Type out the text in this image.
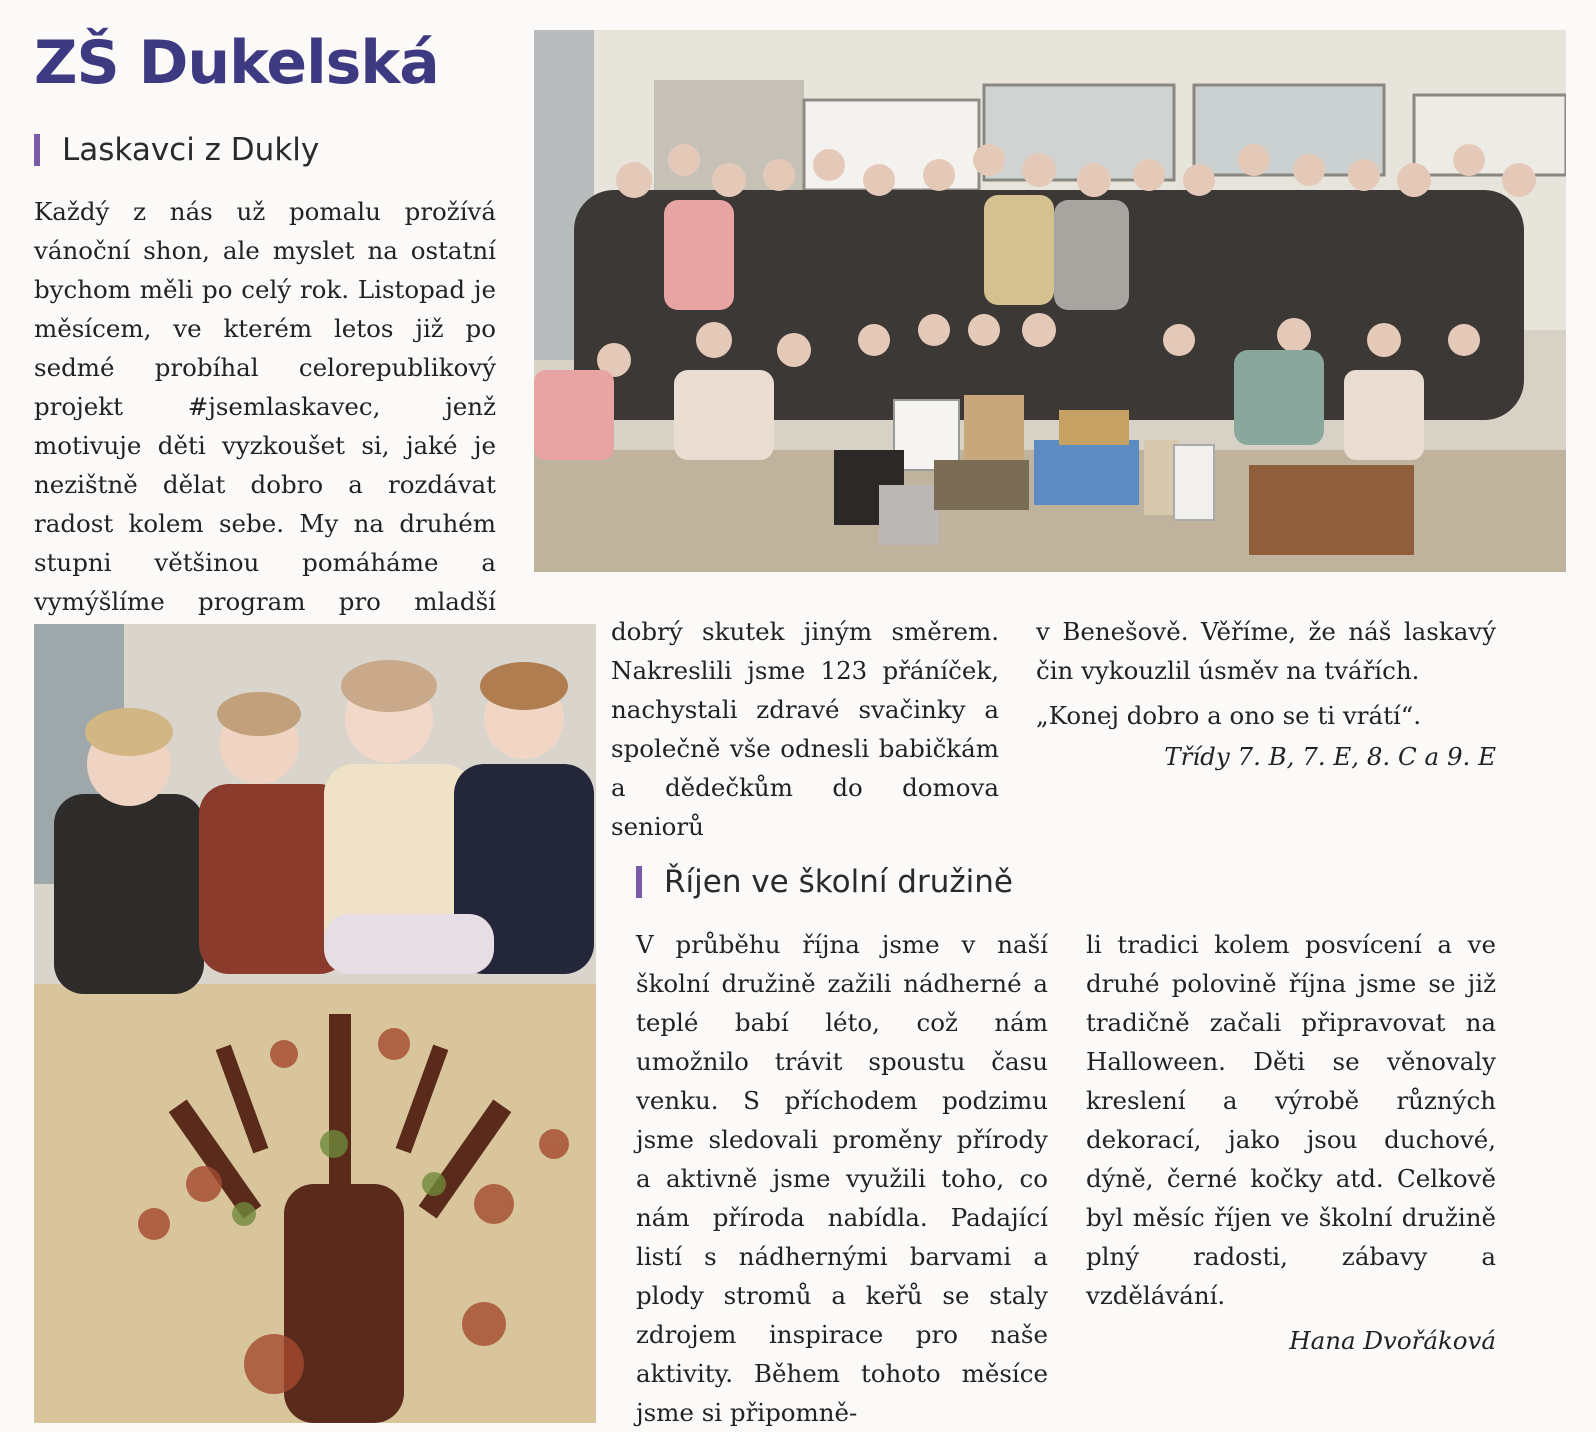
ZŠ Dukelská
Laskavci z Dukly

Každý z nás už pomalu prožívá vánoční shon, ale myslet na ostatní bychom měli po celý rok. Listopad je měsícem, ve kterém letos již po sedmé probíhal celorepublikový projekt #jsemlaskavec, jenž motivuje děti vyzkoušet si, jaké je nezištně dělat dobro a rozdávat radost kolem sebe. My na druhém stupni většinou pomáháme a vymýšlíme program pro mladší

dobrý skutek jiným směrem. Nakreslili jsme 123 přáníček, nachystali zdravé svačinky a společně vše odnesli babičkám a dědečkům do domova seniorů

v Benešově. Věříme, že náš laskavý čin vykouzlil úsměv na tvářích.

„Konej dobro a ono se ti vrátí“.

Třídy 7. B, 7. E, 8. C a 9. E

Říjen ve školní družině

V průběhu října jsme v naší školní družině zažili nádherné a teplé babí léto, což nám umožnilo trávit spoustu času venku. S příchodem podzimu jsme sledovali proměny přírody a aktivně jsme využili toho, co nám příroda nabídla. Padající listí s nádhernými barvami a plody stromů a keřů se staly zdrojem inspirace pro naše aktivity. Během tohoto měsíce jsme si připomně-

li tradici kolem posvícení a ve druhé polovině října jsme se již tradičně začali připravovat na Halloween. Děti se věnovaly kreslení a výrobě různých dekorací, jako jsou duchové, dýně, černé kočky atd. Celkově byl měsíc říjen ve školní družině plný radosti, zábavy a vzdělávání.

Hana Dvořáková
